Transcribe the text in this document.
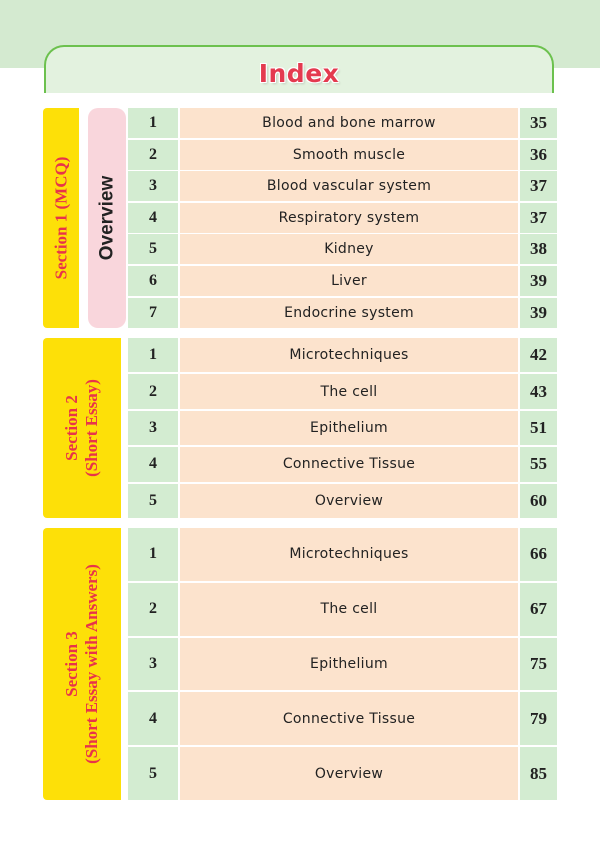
Index
Section 1 (MCQ) Overview
1	Blood and bone marrow	35
2	Smooth muscle	36
3	Blood vascular system	37
4	Respiratory system	37
5	Kidney	38
6	Liver	39
7	Endocrine system	39
Section 2 (Short Essay)
1	Microtechniques	42
2	The cell	43
3	Epithelium	51
4	Connective Tissue	55
5	Overview	60
Section 3 (Short Essay with Answers)
1	Microtechniques	66
2	The cell	67
3	Epithelium	75
4	Connective Tissue	79
5	Overview	85
